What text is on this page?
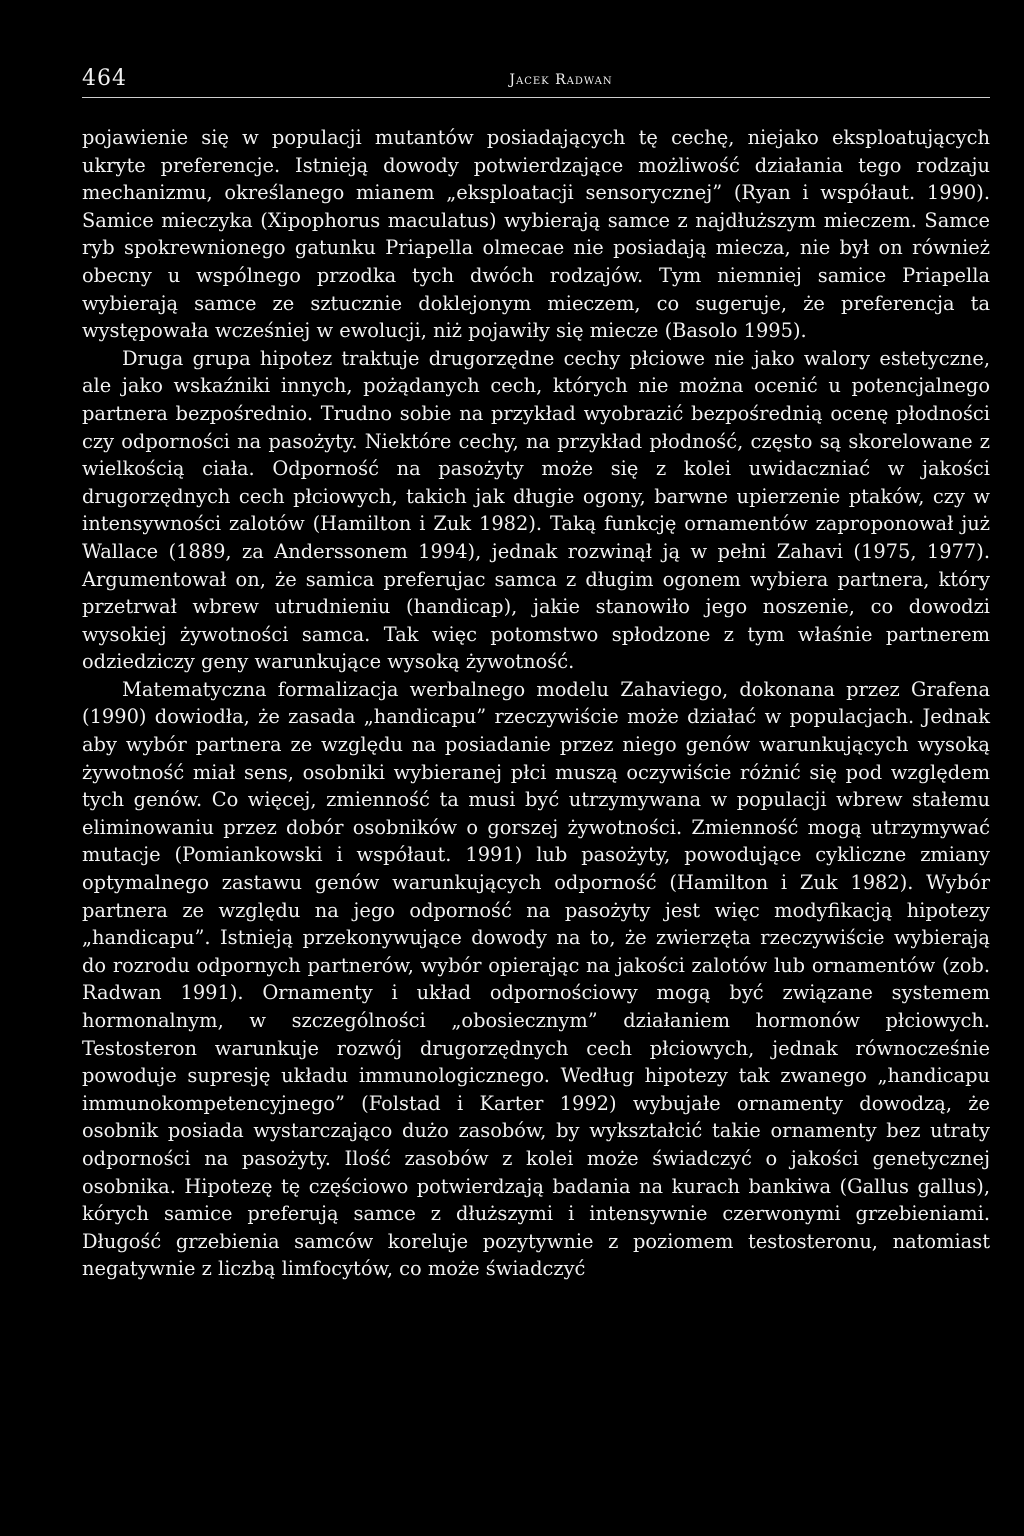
464	Jacek Radwan

pojawienie się w populacji mutantów posiadających tę cechę, niejako eksploatujących ukryte preferencje. Istnieją dowody potwierdzające możliwość działania tego rodzaju mechanizmu, określanego mianem „eksploatacji sensorycznej” (Ryan i współaut. 1990). Samice mieczyka (Xipophorus maculatus) wybierają samce z najdłuższym mieczem. Samce ryb spokrewnionego gatunku Priapella olmecae nie posiadają miecza, nie był on również obecny u wspólnego przodka tych dwóch rodzajów. Tym niemniej samice Priapella wybierają samce ze sztucznie doklejonym mieczem, co sugeruje, że preferencja ta występowała wcześniej w ewolucji, niż pojawiły się miecze (Basolo 1995).

Druga grupa hipotez traktuje drugorzędne cechy płciowe nie jako walory estetyczne, ale jako wskaźniki innych, pożądanych cech, których nie można ocenić u potencjalnego partnera bezpośrednio. Trudno sobie na przykład wyobrazić bezpośrednią ocenę płodności czy odporności na pasożyty. Niektóre cechy, na przykład płodność, często są skorelowane z wielkością ciała. Odporność na pasożyty może się z kolei uwidaczniać w jakości drugorzędnych cech płciowych, takich jak długie ogony, barwne upierzenie ptaków, czy w intensywności zalotów (Hamilton i Zuk 1982). Taką funkcję ornamentów zaproponował już Wallace (1889, za Anderssonem 1994), jednak rozwinął ją w pełni Zahavi (1975, 1977). Argumentował on, że samica preferujac samca z długim ogonem wybiera partnera, który przetrwał wbrew utrudnieniu (handicap), jakie stanowiło jego noszenie, co dowodzi wysokiej żywotności samca. Tak więc potomstwo spłodzone z tym właśnie partnerem odziedziczy geny warunkujące wysoką żywotność.

Matematyczna formalizacja werbalnego modelu Zahaviego, dokonana przez Grafena (1990) dowiodła, że zasada „handicapu” rzeczywiście może działać w populacjach. Jednak aby wybór partnera ze względu na posiadanie przez niego genów warunkujących wysoką żywotność miał sens, osobniki wybieranej płci muszą oczywiście różnić się pod względem tych genów. Co więcej, zmienność ta musi być utrzymywana w populacji wbrew stałemu eliminowaniu przez dobór osobników o gorszej żywotności. Zmienność mogą utrzymywać mutacje (Pomiankowski i współaut. 1991) lub pasożyty, powodujące cykliczne zmiany optymalnego zastawu genów warunkujących odporność (Hamilton i Zuk 1982). Wybór partnera ze względu na jego odporność na pasożyty jest więc modyfikacją hipotezy „handicapu”. Istnieją przekonywujące dowody na to, że zwierzęta rzeczywiście wybierają do rozrodu odpornych partnerów, wybór opierając na jakości zalotów lub ornamentów (zob. Radwan 1991). Ornamenty i układ odpornościowy mogą być związane systemem hormonalnym, w szczególności „obosiecznym” działaniem hormonów płciowych. Testosteron warunkuje rozwój drugorzędnych cech płciowych, jednak równocześnie powoduje supresję układu immunologicznego. Według hipotezy tak zwanego „handicapu immunokompetencyjnego” (Folstad i Karter 1992) wybujałe ornamenty dowodzą, że osobnik posiada wystarczająco dużo zasobów, by wykształcić takie ornamenty bez utraty odporności na pasożyty. Ilość zasobów z kolei może świadczyć o jakości genetycznej osobnika. Hipotezę tę częściowo potwierdzają badania na kurach bankiwa (Gallus gallus), kórych samice preferują samce z dłuższymi i intensywnie czerwonymi grzebieniami. Długość grzebienia samców koreluje pozytywnie z poziomem testosteronu, natomiast negatywnie z liczbą limfocytów, co może świadczyć
